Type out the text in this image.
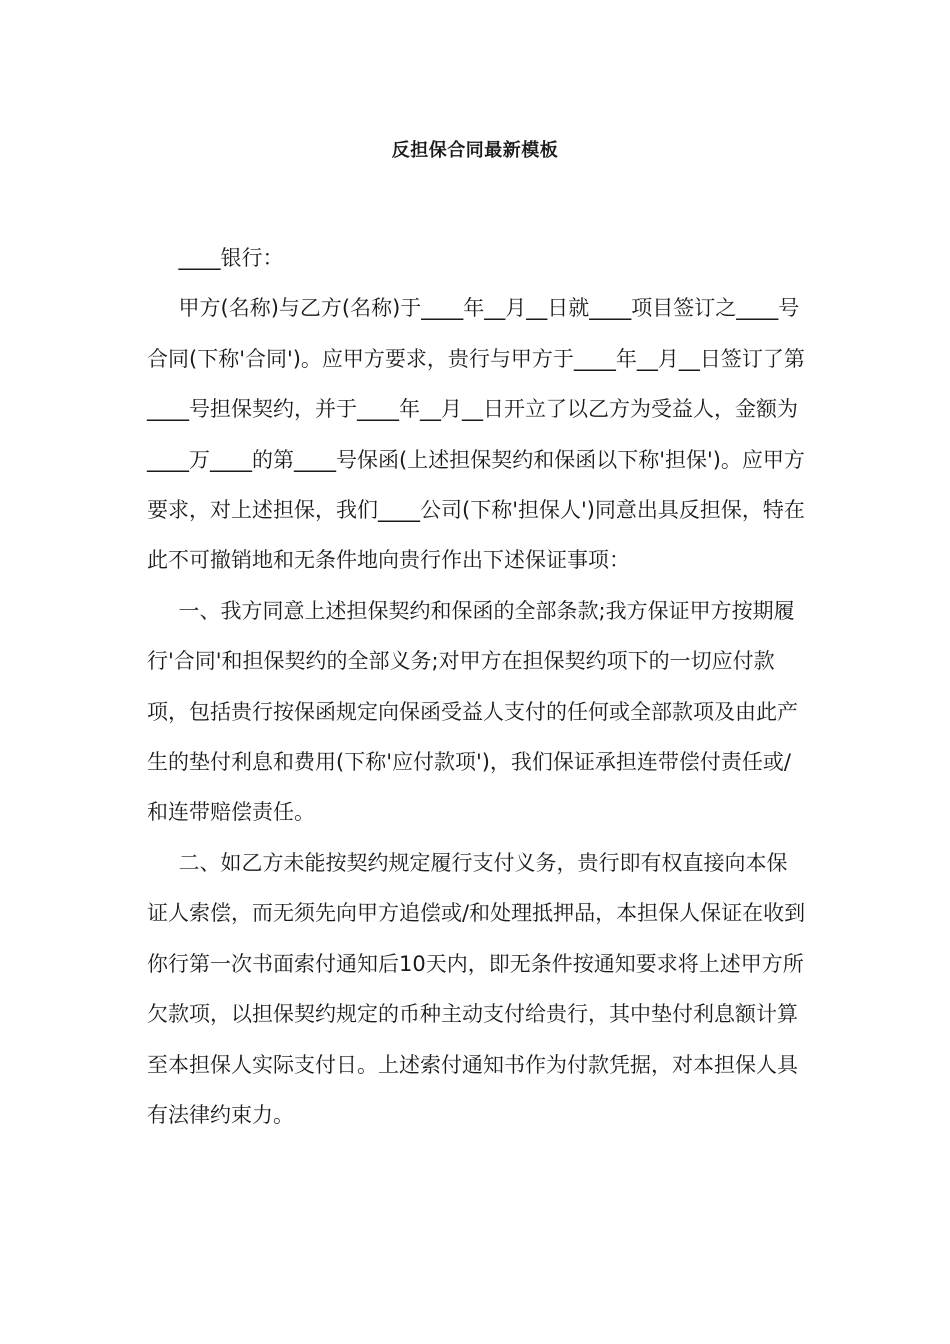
反担保合同最新模板

____银行：

甲方(名称)与乙方(名称)于____年__月__日就____项目签订之____号合同(下称'合同')。应甲方要求，贵行与甲方于____年__月__日签订了第____号担保契约，并于____年__月__日开立了以乙方为受益人，金额为____万____的第____号保函(上述担保契约和保函以下称'担保')。应甲方要求，对上述担保，我们____公司(下称'担保人')同意出具反担保，特在此不可撤销地和无条件地向贵行作出下述保证事项：

一、我方同意上述担保契约和保函的全部条款;我方保证甲方按期履行'合同'和担保契约的全部义务;对甲方在担保契约项下的一切应付款项，包括贵行按保函规定向保函受益人支付的任何或全部款项及由此产生的垫付利息和费用(下称'应付款项')，我们保证承担连带偿付责任或/和连带赔偿责任。

二、如乙方未能按契约规定履行支付义务，贵行即有权直接向本保证人索偿，而无须先向甲方追偿或/和处理抵押品，本担保人保证在收到你行第一次书面索付通知后10天内，即无条件按通知要求将上述甲方所欠款项，以担保契约规定的币种主动支付给贵行，其中垫付利息额计算至本担保人实际支付日。上述索付通知书作为付款凭据，对本担保人具有法律约束力。
